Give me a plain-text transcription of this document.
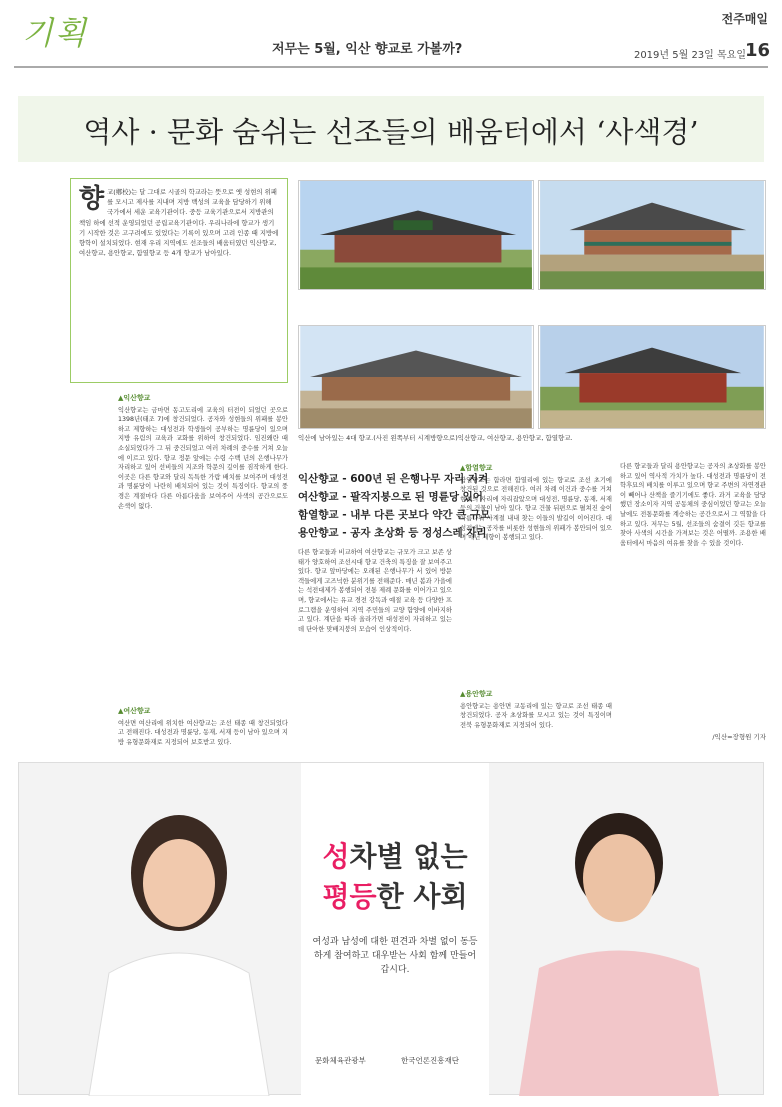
기획	저무는 5월, 익산 향교로 가볼까?
전주매일
2019년 5월 23일 목요일
16
역사 · 문화 숨쉬는 선조들의 배움터에서 ‘사색경’
향교(鄕校)는 달 그대로 시골의 학교라는 뜻으로 옛 성현의 위패를 모시고 제사를 지내며 지방 백성의 교육을 담당하기 위해 국가에서 세운 교육기관이다. 중등 교육기관으로서 지방관의 책임 하에 선적 운영되었던 공립교육기관이다. 우리나라에 향교가 생기기 시작한 것은 고구려에도 있었다는 기록이 있으며 고려 인종 때 지방에 향학이 설치되었다. 현재 우리 지역에도 선조들의 배움터였던 익산향교, 여산향교, 용안향교, 함열향교 등 4개 향교가 남아있다.
▲익산향교
익산향교는 금마면 동고도리에 교육의 터전이 되었던 곳으로 1398년(태조 7)에 창건되었다. 공자와 성현들의 위패를 봉안하고 제향하는 대성전과 학생들이 공부하는 명륜당이 있으며 지방 유림의 교육과 교화를 위하여 창건되었다. 임진왜란 때 소실되었다가 그 뒤 중건되었고 여러 차례의 중수를 거쳐 오늘에 이르고 있다. 향교 정문 앞에는 수령 수백 년의 은행나무가 자리하고 있어 선비들의 지조와 학문의 깊이를 짐작하게 한다. 이곳은 다른 향교와 달리 독특한 가람 배치를 보여주며 대성전과 명륜당이 나란히 배치되어 있는 것이 특징이다. 향교의 풍경은 계절마다 다른 아름다움을 보여주어 사색의 공간으로도 손색이 없다.
▲여산향교
여산면 여산리에 위치한 여산향교는 조선 태종 때 창건되었다고 전해진다. 대성전과 명륜당, 동재, 서재 등이 남아 있으며 지방 유형문화재로 지정되어 보호받고 있다.
익산에 남아있는 4대 향교.(사진 왼쪽부터 시계방향으로)익산향교, 여산향교, 용안향교, 함열향교.
익산향교 - 600년 된 은행나무 자리 지켜
여산향교 - 팔작지붕으로 된 명륜당 있어
함열향교 - 내부 다른 곳보다 약간 큰 규모
용안향교 - 공자 초상화 등 정성스레 자리
다른 향교들과 비교하여 여산향교는 규모가 크고 보존 상태가 양호하여 조선시대 향교 건축의 특징을 잘 보여주고 있다. 향교 앞마당에는 오래된 은행나무가 서 있어 방문객들에게 고즈넉한 분위기를 전해준다. 매년 봄과 가을에는 석전대제가 봉행되어 전통 제례 문화를 이어가고 있으며, 향교에서는 유교 경전 강독과 예절 교육 등 다양한 프로그램을 운영하여 지역 주민들의 교양 함양에 이바지하고 있다. 계단을 따라 올라가면 대성전이 자리하고 있는데 단아한 맞배지붕의 모습이 인상적이다.
▲함열향교
함열향교는 함라면 함열리에 있는 향교로 조선 초기에 창건된 것으로 전해진다. 여러 차례 이건과 중수를 거쳐 현재의 자리에 자리잡았으며 대성전, 명륜당, 동재, 서재 등의 건물이 남아 있다. 향교 건물 뒤편으로 펼쳐진 숲이 아름다워 사계절 내내 찾는 이들의 발길이 이어진다. 대성전에는 공자를 비롯한 성현들의 위패가 봉안되어 있으며 매년 제향이 봉행되고 있다.
▲용안향교
용안향교는 용안면 교동리에 있는 향교로 조선 태종 때 창건되었다. 공자 초상화를 모시고 있는 것이 특징이며 전북 유형문화재로 지정되어 있다.
다른 향교들과 달리 용안향교는 공자의 초상화를 봉안하고 있어 역사적 가치가 높다. 대성전과 명륜당이 전학후묘의 배치를 이루고 있으며 향교 주변의 자연경관이 빼어나 산책을 즐기기에도 좋다. 과거 교육을 담당했던 장소이자 지역 공동체의 중심이었던 향교는 오늘날에도 전통문화를 계승하는 공간으로서 그 역할을 다하고 있다. 저무는 5월, 선조들의 숨결이 깃든 향교를 찾아 사색의 시간을 가져보는 것은 어떨까. 조용한 배움터에서 마음의 여유를 찾을 수 있을 것이다.
/익산=장형원 기자
성차별 없는
평등한 사회
여성과 남성에 대한 편견과 차별 없이 동등하게 참여하고 대우받는 사회 함께 만들어 갑시다.
문화체육관광부	한국언론진흥재단
